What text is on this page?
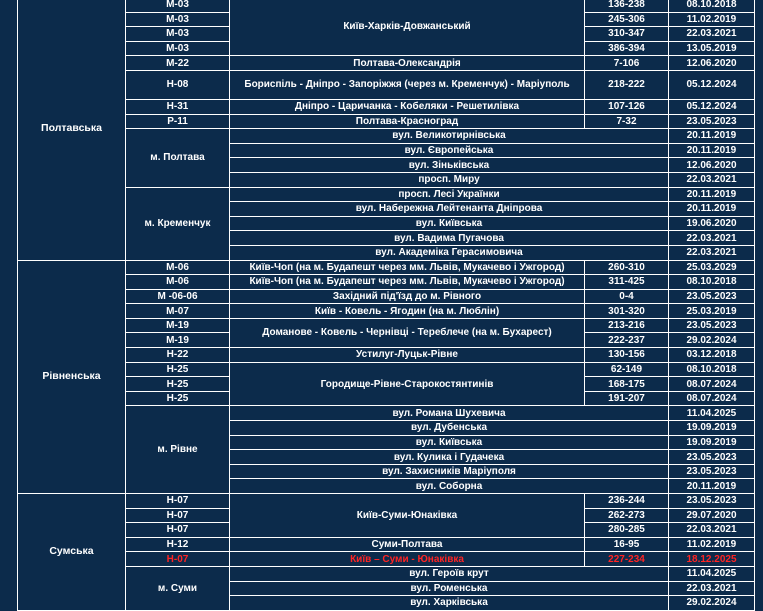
Полтавська	М-03	Київ-Харків-Довжанський	136-238	08.10.2018
	М-03		245-306	11.02.2019
	М-03		310-347	22.03.2021
	М-03		386-394	13.05.2019
	М-22	Полтава-Олександрія	7-106	12.06.2020
	Н-08	Бориспіль - Дніпро - Запоріжжя (через м. Кременчук) - Маріуполь	218-222	05.12.2024
	Н-31	Дніпро - Царичанка - Кобеляки - Решетилівка	107-126	05.12.2024
	Р-11	Полтава-Красноград	7-32	23.05.2023
	м. Полтава	вул. Великотирнівська		20.11.2019
		вул. Європейська		20.11.2019
		вул. Зіньківська		12.06.2020
		просп. Миру		22.03.2021
	м. Кременчук	просп. Лесі Українки		20.11.2019
		вул. Набережна Лейтенанта Дніпрова		20.11.2019
		вул. Київська		19.06.2020
		вул. Вадима Пугачова		22.03.2021
		вул. Академіка Герасимовича		22.03.2021
Рівненська	М-06	Київ-Чоп (на м. Будапешт через мм. Львів, Мукачево і Ужгород)	260-310	25.03.2029
	М-06	Київ-Чоп (на м. Будапешт через мм. Львів, Мукачево і Ужгород)	311-425	08.10.2018
	М -06-06	Західний під'їзд до м. Рівного	0-4	23.05.2023
	М-07	Київ - Ковель - Ягодин (на м. Люблін)	301-320	25.03.2019
	М-19	Доманове - Ковель - Чернівці - Тереблече (на м. Бухарест)	213-216	23.05.2023
	М-19		222-237	29.02.2024
	Н-22	Устилуг-Луцьк-Рівне	130-156	03.12.2018
	Н-25	Городище-Рівне-Старокостянтинів	62-149	08.10.2018
	Н-25		168-175	08.07.2024
	Н-25		191-207	08.07.2024
	м. Рівне	вул. Романа Шухевича		11.04.2025
		вул. Дубенська		19.09.2019
		вул. Київська		19.09.2019
		вул. Кулика і Гудачека		23.05.2023
		вул. Захисників Маріуполя		23.05.2023
		вул. Соборна		20.11.2019
Сумська	Н-07	Київ-Суми-Юнаківка	236-244	23.05.2023
	Н-07		262-273	29.07.2020
	Н-07		280-285	22.03.2021
	Н-12	Суми-Полтава	16-95	11.02.2019
	Н-07	Київ – Суми - Юнаківка	227-234	18.12.2025
	м. Суми	вул. Героїв крут		11.04.2025
		вул. Роменська		22.03.2021
		вул. Харківська		29.02.2024
